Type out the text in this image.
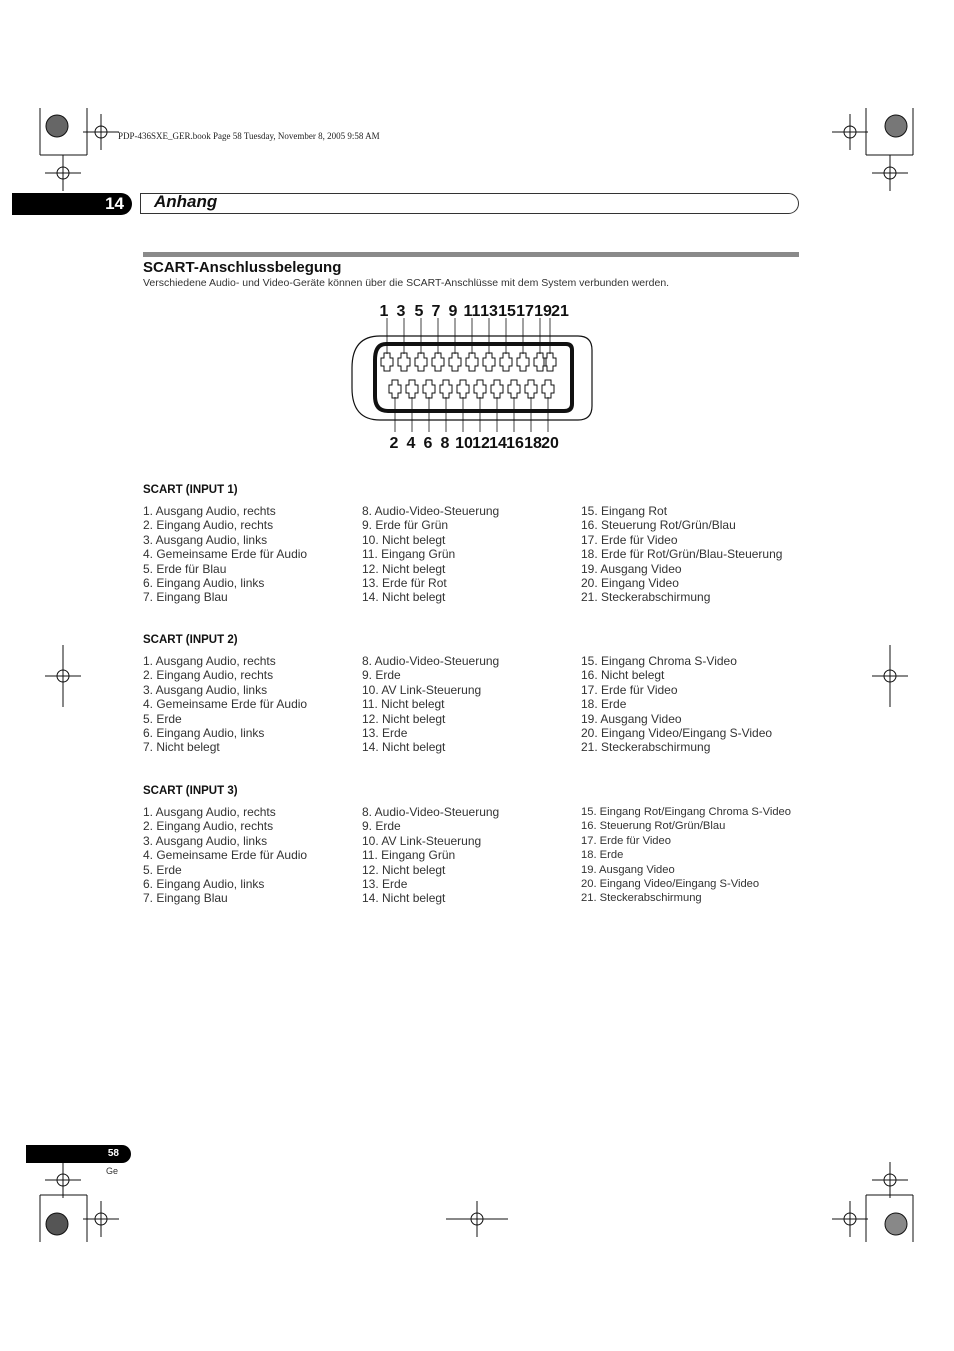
PDP-436SXE_GER.book Page 58 Tuesday, November 8, 2005 9:58 AM
14	Anhang
SCART-Anschlussbelegung
Verschiedene Audio- und Video-Geräte können über die SCART-Anschlüsse mit dem System verbunden werden.
1 3 5 7 9 11 13 15 17 19 21
2 4 6 8 10 12 14 16 18 20
SCART (INPUT 1)
1. Ausgang Audio, rechts
2. Eingang Audio, rechts
3. Ausgang Audio, links
4. Gemeinsame Erde für Audio
5. Erde für Blau
6. Eingang Audio, links
7. Eingang Blau
8. Audio-Video-Steuerung
9. Erde für Grün
10. Nicht belegt
11. Eingang Grün
12. Nicht belegt
13. Erde für Rot
14. Nicht belegt
15. Eingang Rot
16. Steuerung Rot/Grün/Blau
17. Erde für Video
18. Erde für Rot/Grün/Blau-Steuerung
19. Ausgang Video
20. Eingang Video
21. Steckerabschirmung
SCART (INPUT 2)
1. Ausgang Audio, rechts
2. Eingang Audio, rechts
3. Ausgang Audio, links
4. Gemeinsame Erde für Audio
5. Erde
6. Eingang Audio, links
7. Nicht belegt
8. Audio-Video-Steuerung
9. Erde
10. AV Link-Steuerung
11. Nicht belegt
12. Nicht belegt
13. Erde
14. Nicht belegt
15. Eingang Chroma S-Video
16. Nicht belegt
17. Erde für Video
18. Erde
19. Ausgang Video
20. Eingang Video/Eingang S-Video
21. Steckerabschirmung
SCART (INPUT 3)
1. Ausgang Audio, rechts
2. Eingang Audio, rechts
3. Ausgang Audio, links
4. Gemeinsame Erde für Audio
5. Erde
6. Eingang Audio, links
7. Eingang Blau
8. Audio-Video-Steuerung
9. Erde
10. AV Link-Steuerung
11. Eingang Grün
12. Nicht belegt
13. Erde
14. Nicht belegt
15. Eingang Rot/Eingang Chroma S-Video
16. Steuerung Rot/Grün/Blau
17. Erde für Video
18. Erde
19. Ausgang Video
20. Eingang Video/Eingang S-Video
21. Steckerabschirmung
58
Ge
